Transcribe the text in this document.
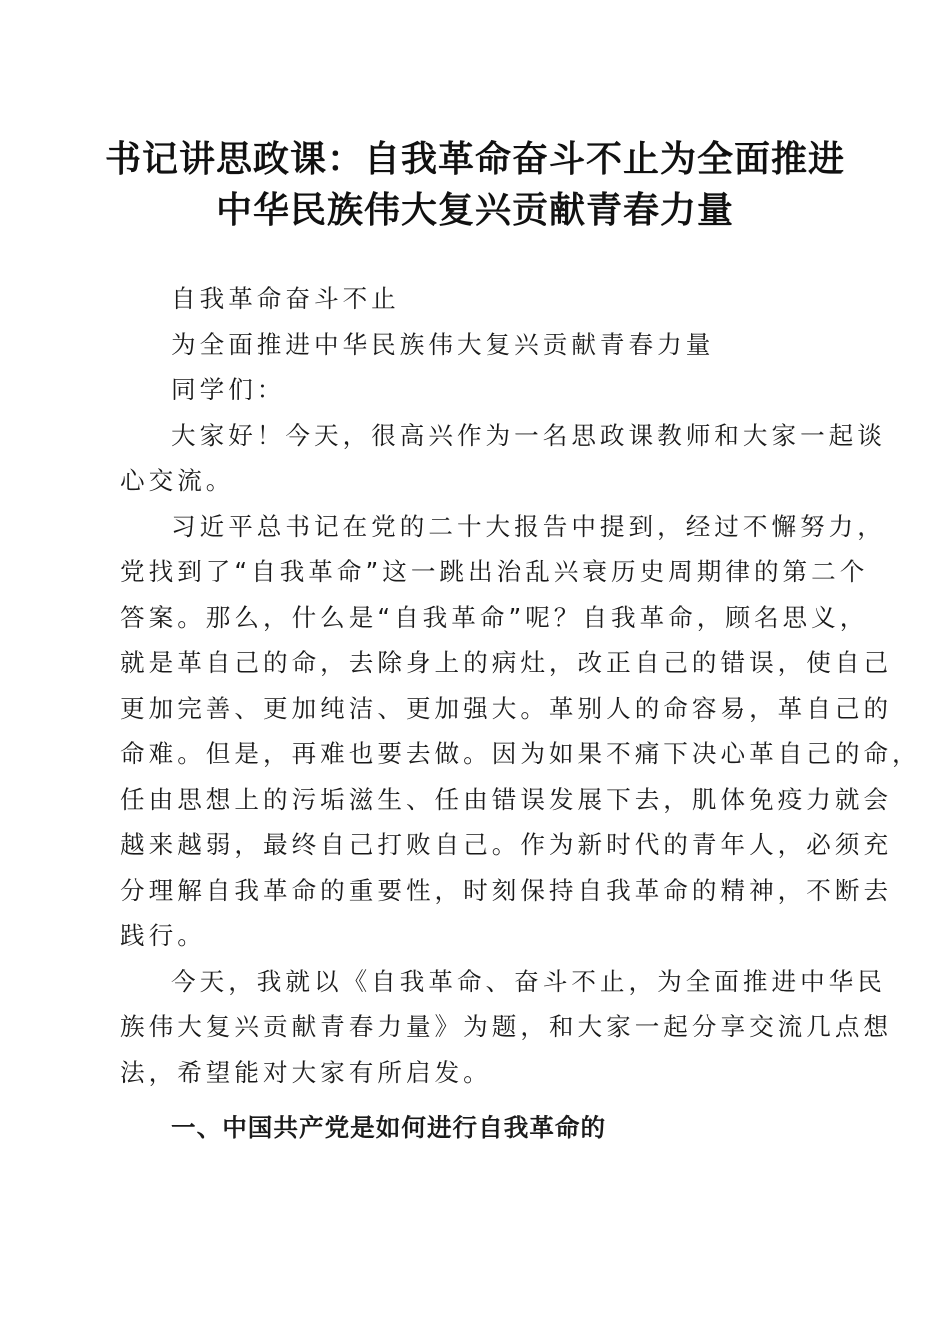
书记讲思政课：自我革命奋斗不止为全面推进
中华民族伟大复兴贡献青春力量
自我革命奋斗不止
为全面推进中华民族伟大复兴贡献青春力量
同学们：
大家好！今天，很高兴作为一名思政课教师和大家一起谈
心交流。
习近平总书记在党的二十大报告中提到，经过不懈努力，
党找到了“自我革命”这一跳出治乱兴衰历史周期律的第二个
答案。那么，什么是“自我革命”呢？自我革命，顾名思义，
就是革自己的命，去除身上的病灶，改正自己的错误，使自己
更加完善、更加纯洁、更加强大。革别人的命容易，革自己的
命难。但是，再难也要去做。因为如果不痛下决心革自己的命，
任由思想上的污垢滋生、任由错误发展下去，肌体免疫力就会
越来越弱，最终自己打败自己。作为新时代的青年人，必须充
分理解自我革命的重要性，时刻保持自我革命的精神，不断去
践行。
今天，我就以《自我革命、奋斗不止，为全面推进中华民
族伟大复兴贡献青春力量》为题，和大家一起分享交流几点想
法，希望能对大家有所启发。
一、中国共产党是如何进行自我革命的
